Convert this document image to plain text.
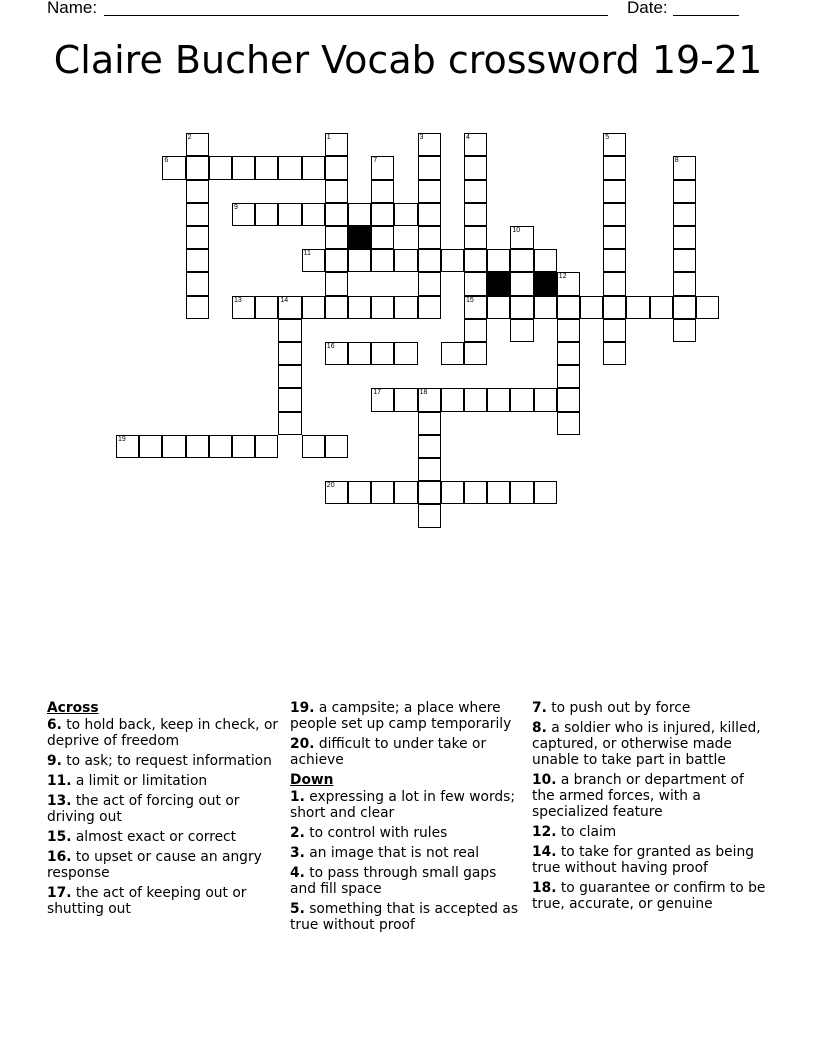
Name:	Date:
Claire Bucher Vocab crossword 19-21
1
2	3	4	5
6	7	8
9
10
11
12
13	14	15
16
17	18
19
20
Across
6. to hold back, keep in check, or deprive of freedom
9. to ask; to request information
11. a limit or limitation
13. the act of forcing out or driving out
15. almost exact or correct
16. to upset or cause an angry response
17. the act of keeping out or shutting out
19. a campsite; a place where people set up camp temporarily
20. difficult to under take or achieve
Down
1. expressing a lot in few words; short and clear
2. to control with rules
3. an image that is not real
4. to pass through small gaps and fill space
5. something that is accepted as true without proof
7. to push out by force
8. a soldier who is injured, killed, captured, or otherwise made unable to take part in battle
10. a branch or department of the armed forces, with a specialized feature
12. to claim
14. to take for granted as being true without having proof
18. to guarantee or confirm to be true, accurate, or genuine
